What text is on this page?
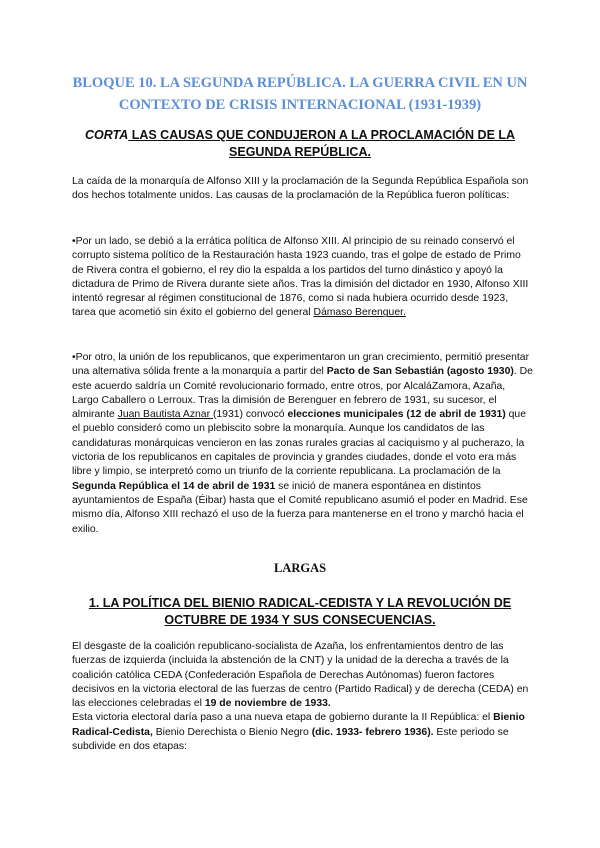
BLOQUE 10. LA SEGUNDA REPÚBLICA. LA GUERRA CIVIL EN UN CONTEXTO DE CRISIS INTERNACIONAL (1931-1939)
CORTA LAS CAUSAS QUE CONDUJERON A LA PROCLAMACIÓN DE LA SEGUNDA REPÚBLICA.

La caída de la monarquía de Alfonso XIII y la proclamación de la Segunda República Española son dos hechos totalmente unidos. Las causas de la proclamación de la República fueron políticas:

•Por un lado, se debió a la errática política de Alfonso XIII. Al principio de su reinado conservó el corrupto sistema político de la Restauración hasta 1923 cuando, tras el golpe de estado de Primo de Rivera contra el gobierno, el rey dio la espalda a los partidos del turno dinástico y apoyó la dictadura de Primo de Rivera durante siete años. Tras la dimisión del dictador en 1930, Alfonso XIII intentó regresar al régimen constitucional de 1876, como si nada hubiera ocurrido desde 1923, tarea que acometió sin éxito el gobierno del general Dámaso Berenguer.

•Por otro, la unión de los republicanos, que experimentaron un gran crecimiento, permitió presentar una alternativa sólida frente a la monarquía a partir del Pacto de San Sebastián (agosto 1930). De este acuerdo saldría un Comité revolucionario formado, entre otros, por AlcaláZamora, Azaña, Largo Caballero o Lerroux. Tras la dimisión de Berenguer en febrero de 1931, su sucesor, el almirante Juan Bautista Aznar (1931) convocó elecciones municipales (12 de abril de 1931) que el pueblo consideró como un plebiscito sobre la monarquía. Aunque los candidatos de las candidaturas monárquicas vencieron en las zonas rurales gracias al caciquismo y al pucherazo, la victoria de los republicanos en capitales de provincia y grandes ciudades, donde el voto era más libre y limpio, se interpretó como un triunfo de la corriente republicana. La proclamación de la Segunda República el 14 de abril de 1931 se inició de manera espontánea en distintos ayuntamientos de España (Éibar) hasta que el Comité republicano asumió el poder en Madrid. Ese mismo día, Alfonso XIII rechazó el uso de la fuerza para mantenerse en el trono y marchó hacia el exilio.

LARGAS
1. LA POLÍTICA DEL BIENIO RADICAL-CEDISTA Y LA REVOLUCIÓN DE OCTUBRE DE 1934 Y SUS CONSECUENCIAS.

El desgaste de la coalición republicano-socialista de Azaña, los enfrentamientos dentro de las fuerzas de izquierda (incluida la abstención de la CNT) y la unidad de la derecha a través de la coalición católica CEDA (Confederación Española de Derechas Autónomas) fueron factores decisivos en la victoria electoral de las fuerzas de centro (Partido Radical) y de derecha (CEDA) en las elecciones celebradas el 19 de noviembre de 1933.
Esta victoria electoral daría paso a una nueva etapa de gobierno durante la II República: el Bienio Radical-Cedista, Bienio Derechista o Bienio Negro (dic. 1933- febrero 1936). Este periodo se subdivide en dos etapas:
